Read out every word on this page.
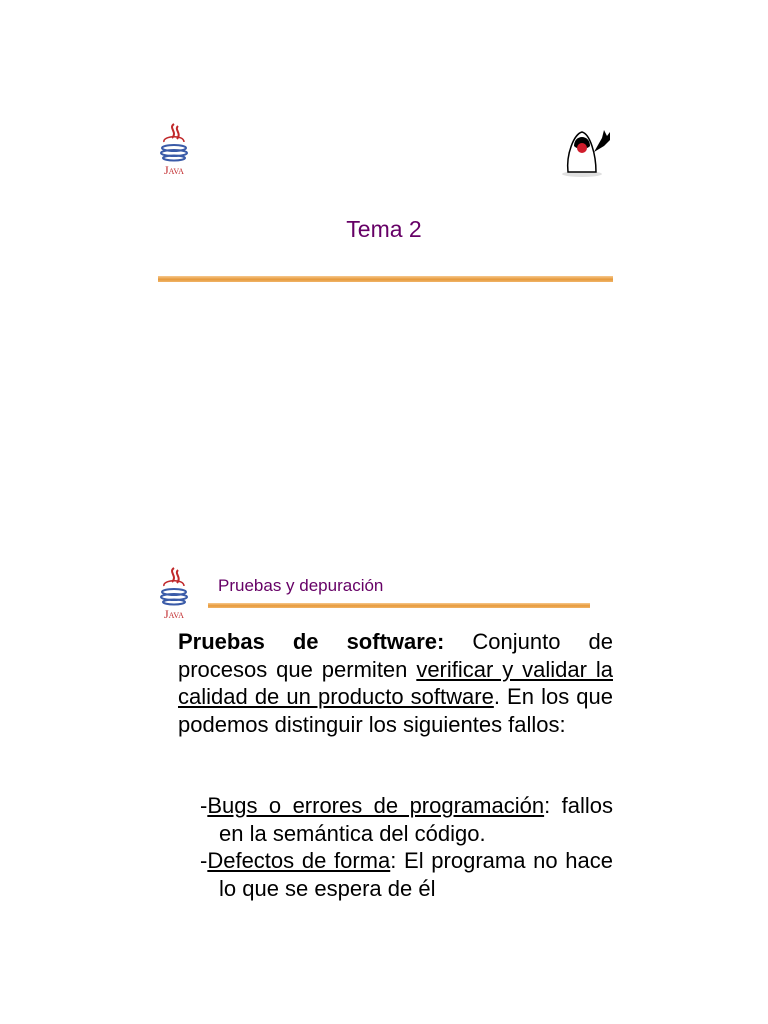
Java
Tema 2
Java
Pruebas y depuración
Pruebas de software: Conjunto de procesos que permiten verificar y validar la calidad de un producto software. En los que podemos distinguir los siguientes fallos:
-Bugs o errores de programación: fallos en la semántica del código.
-Defectos de forma: El programa no hace lo que se espera de él
